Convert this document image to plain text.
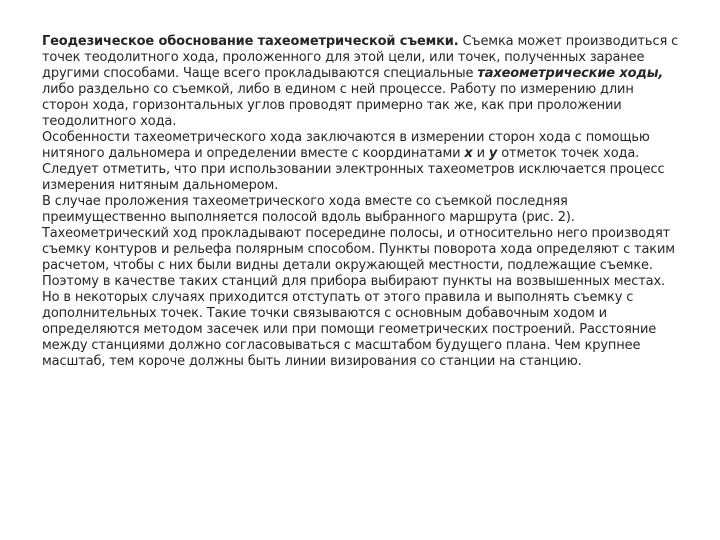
Геодезическое обоснование тахеометрической съемки. Съемка может производиться с точек теодолитного хода, проложенного для этой цели, или точек, полученных заранее другими способами. Чаще всего прокладываются специальные тахеометрические ходы, либо раздельно со съемкой, либо в едином с ней процессе. Работу по измерению длин сторон хода, горизонтальных углов проводят примерно так же, как при проложении теодолитного хода.

Особенности тахеометрического хода заключаются в измерении сторон хода с помощью нитяного дальномера и определении вместе с координатами х и у отметок точек хода. Следует отметить, что при использовании электронных тахеометров исключается процесс измерения нитяным дальномером.

В случае проложения тахеометрического хода вместе со съемкой последняя преимущественно выполняется полосой вдоль выбранного маршрута (рис. 2). Тахеометрический ход прокладывают посередине полосы, и относительно него производят съемку контуров и рельефа полярным способом. Пункты поворота хода определяют с таким расчетом, чтобы с них были видны детали окружающей местности, подлежащие съемке.

Поэтому в качестве таких станций для прибора выбирают пункты на возвышенных местах. Но в некоторых случаях приходится отступать от этого правила и выполнять съемку с дополнительных точек. Такие точки связываются с основным добавочным ходом и определяются методом засечек или при помощи геометрических построений. Расстояние между станциями должно согласовываться с масштабом будущего плана. Чем крупнее масштаб, тем короче должны быть линии визирования со станции на станцию.
